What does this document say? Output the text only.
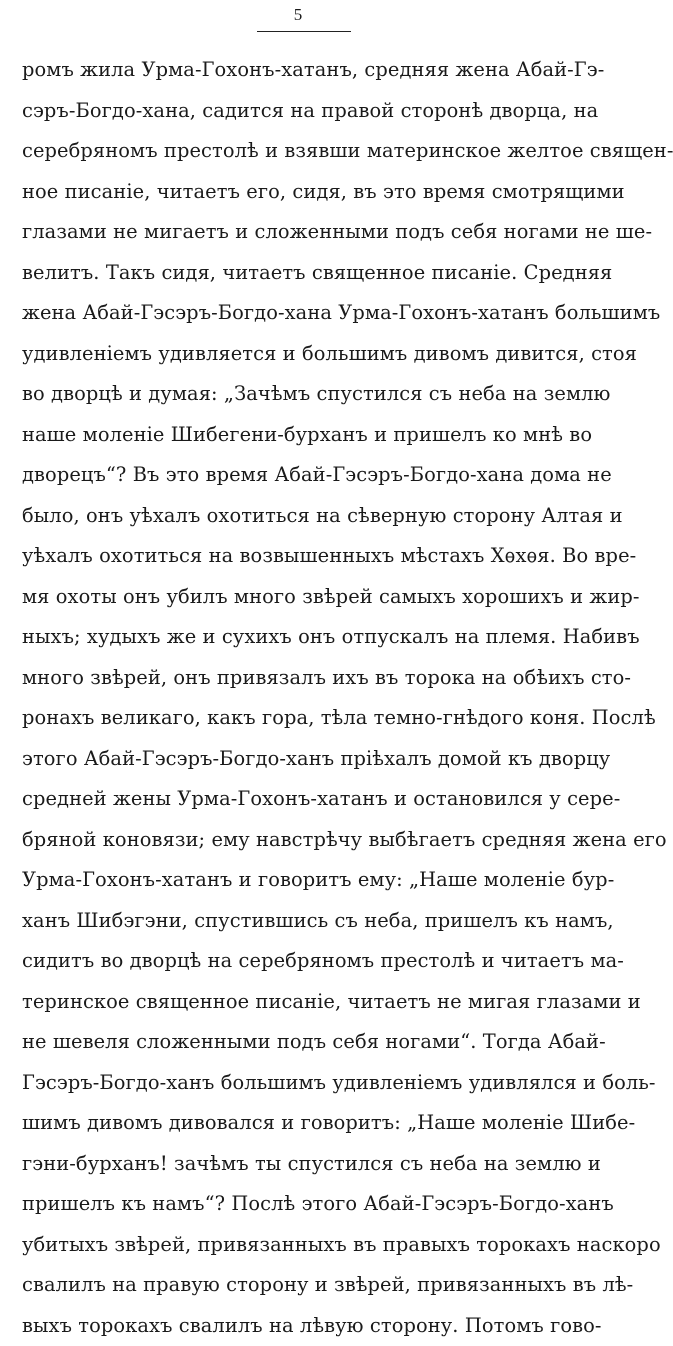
5
ромъ жила Урма-Гохонъ-хатанъ, средняя жена Абай-Гэ-
сэръ-Богдо-хана, садится на правой сторонѣ дворца, на
серебряномъ престолѣ и взявши материнское желтое священ-
ное писаніе, читаетъ его, сидя, въ это время смотрящими
глазами не мигаетъ и сложенными подъ себя ногами не ше-
велитъ. Такъ сидя, читаетъ священное писаніе. Средняя
жена Абай-Гэсэръ-Богдо-хана Урма-Гохонъ-хатанъ большимъ
удивленіемъ удивляется и большимъ дивомъ дивится, стоя
во дворцѣ и думая: „Зачѣмъ спустился съ неба на землю
наше моленіе Шибегени-бурханъ и пришелъ ко мнѣ во
дворецъ“? Въ это время Абай-Гэсэръ-Богдо-хана дома не
было, онъ уѣхалъ охотиться на сѣверную сторону Алтая и
уѣхалъ охотиться на возвышенныхъ мѣстахъ Хѳхѳя. Во вре-
мя охоты онъ убилъ много звѣрей самыхъ хорошихъ и жир-
ныхъ; худыхъ же и сухихъ онъ отпускалъ на племя. Набивъ
много звѣрей, онъ привязалъ ихъ въ торока на обѣихъ сто-
ронахъ великаго, какъ гора, тѣла темно-гнѣдого коня. Послѣ
этого Абай-Гэсэръ-Богдо-ханъ пріѣхалъ домой къ дворцу
средней жены Урма-Гохонъ-хатанъ и остановился у сере-
бряной коновязи; ему навстрѣчу выбѣгаетъ средняя жена его
Урма-Гохонъ-хатанъ и говоритъ ему: „Наше моленіе бур-
ханъ Шибэгэни, спустившись съ неба, пришелъ къ намъ,
сидитъ во дворцѣ на серебряномъ престолѣ и читаетъ ма-
теринское священное писаніе, читаетъ не мигая глазами и
не шевеля сложенными подъ себя ногами“. Тогда Абай-
Гэсэръ-Богдо-ханъ большимъ удивленіемъ удивлялся и боль-
шимъ дивомъ дивовался и говоритъ: „Наше моленіе Шибе-
гэни-бурханъ! зачѣмъ ты спустился съ неба на землю и
пришелъ къ намъ“? Послѣ этого Абай-Гэсэръ-Богдо-ханъ
убитыхъ звѣрей, привязанныхъ въ правыхъ торокахъ наскоро
свалилъ на правую сторону и звѣрей, привязанныхъ въ лѣ-
выхъ торокахъ свалилъ на лѣвую сторону. Потомъ гово-
